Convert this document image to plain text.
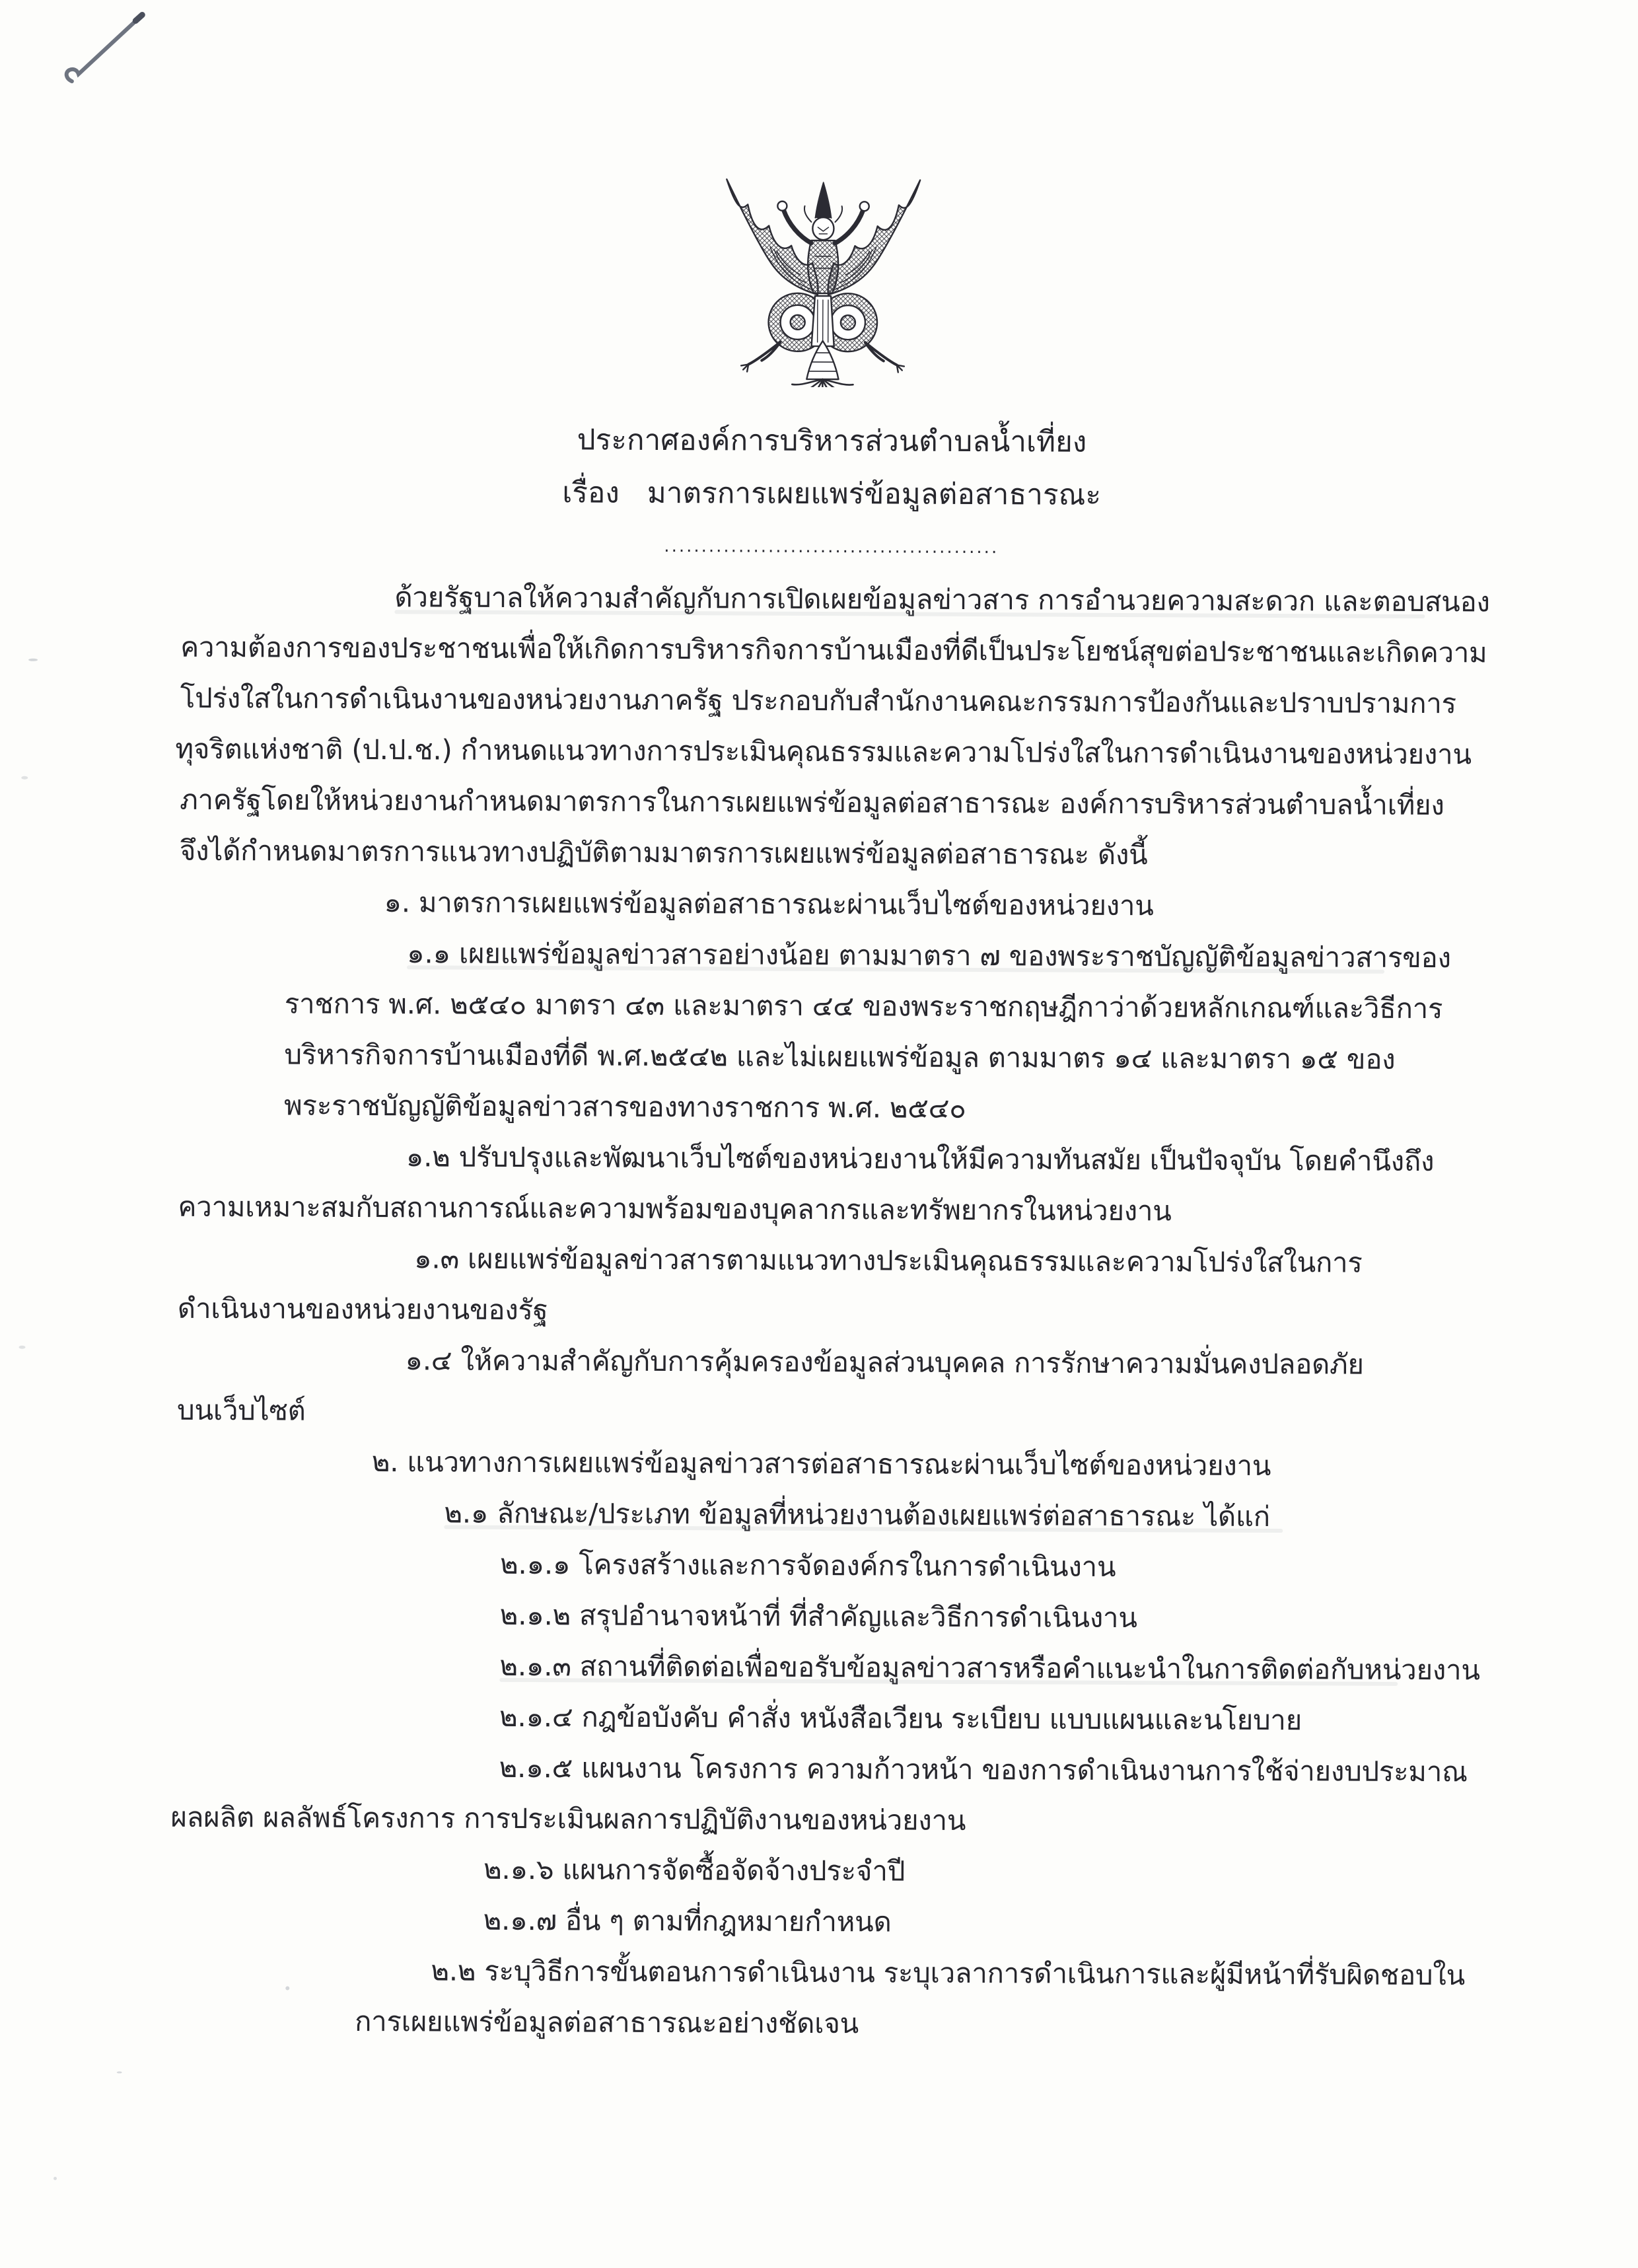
ประกาศองค์การบริหารส่วนตำบลน้ำเที่ยง
เรื่อง มาตรการเผยแพร่ข้อมูลต่อสาธารณะ
.............................................
ด้วยรัฐบาลให้ความสำคัญกับการเปิดเผยข้อมูลข่าวสาร การอำนวยความสะดวก และตอบสนอง
ความต้องการของประชาชนเพื่อให้เกิดการบริหารกิจการบ้านเมืองที่ดีเป็นประโยชน์สุขต่อประชาชนและเกิดความ
โปร่งใสในการดำเนินงานของหน่วยงานภาครัฐ ประกอบกับสำนักงานคณะกรรมการป้องกันและปราบปรามการ
ทุจริตแห่งชาติ (ป.ป.ช.) กำหนดแนวทางการประเมินคุณธรรมและความโปร่งใสในการดำเนินงานของหน่วยงาน
ภาครัฐโดยให้หน่วยงานกำหนดมาตรการในการเผยแพร่ข้อมูลต่อสาธารณะ องค์การบริหารส่วนตำบลน้ำเที่ยง
จึงได้กำหนดมาตรการแนวทางปฏิบัติตามมาตรการเผยแพร่ข้อมูลต่อสาธารณะ ดังนี้
๑. มาตรการเผยแพร่ข้อมูลต่อสาธารณะผ่านเว็บไซต์ของหน่วยงาน
๑.๑ เผยแพร่ข้อมูลข่าวสารอย่างน้อย ตามมาตรา ๗ ของพระราชบัญญัติข้อมูลข่าวสารของ
ราชการ พ.ศ. ๒๕๔๐ มาตรา ๔๓ และมาตรา ๔๔ ของพระราชกฤษฎีกาว่าด้วยหลักเกณฑ์และวิธีการ
บริหารกิจการบ้านเมืองที่ดี พ.ศ.๒๕๔๒ และไม่เผยแพร่ข้อมูล ตามมาตร ๑๔ และมาตรา ๑๕ ของ
พระราชบัญญัติข้อมูลข่าวสารของทางราชการ พ.ศ. ๒๕๔๐
๑.๒ ปรับปรุงและพัฒนาเว็บไซต์ของหน่วยงานให้มีความทันสมัย เป็นปัจจุบัน โดยคำนึงถึง
ความเหมาะสมกับสถานการณ์และความพร้อมของบุคลากรและทรัพยากรในหน่วยงาน
๑.๓ เผยแพร่ข้อมูลข่าวสารตามแนวทางประเมินคุณธรรมและความโปร่งใสในการ
ดำเนินงานของหน่วยงานของรัฐ
๑.๔ ให้ความสำคัญกับการคุ้มครองข้อมูลส่วนบุคคล การรักษาความมั่นคงปลอดภัย
บนเว็บไซต์
๒. แนวทางการเผยแพร่ข้อมูลข่าวสารต่อสาธารณะผ่านเว็บไซต์ของหน่วยงาน
๒.๑ ลักษณะ/ประเภท ข้อมูลที่หน่วยงานต้องเผยแพร่ต่อสาธารณะ ได้แก่
๒.๑.๑ โครงสร้างและการจัดองค์กรในการดำเนินงาน
๒.๑.๒ สรุปอำนาจหน้าที่ ที่สำคัญและวิธีการดำเนินงาน
๒.๑.๓ สถานที่ติดต่อเพื่อขอรับข้อมูลข่าวสารหรือคำแนะนำในการติดต่อกับหน่วยงาน
๒.๑.๔ กฎข้อบังคับ คำสั่ง หนังสือเวียน ระเบียบ แบบแผนและนโยบาย
๒.๑.๕ แผนงาน โครงการ ความก้าวหน้า ของการดำเนินงานการใช้จ่ายงบประมาณ
ผลผลิต ผลลัพธ์โครงการ การประเมินผลการปฏิบัติงานของหน่วยงาน
๒.๑.๖ แผนการจัดซื้อจัดจ้างประจำปี
๒.๑.๗ อื่น ๆ ตามที่กฎหมายกำหนด
๒.๒ ระบุวิธีการขั้นตอนการดำเนินงาน ระบุเวลาการดำเนินการและผู้มีหน้าที่รับผิดชอบใน
การเผยแพร่ข้อมูลต่อสาธารณะอย่างชัดเจน
